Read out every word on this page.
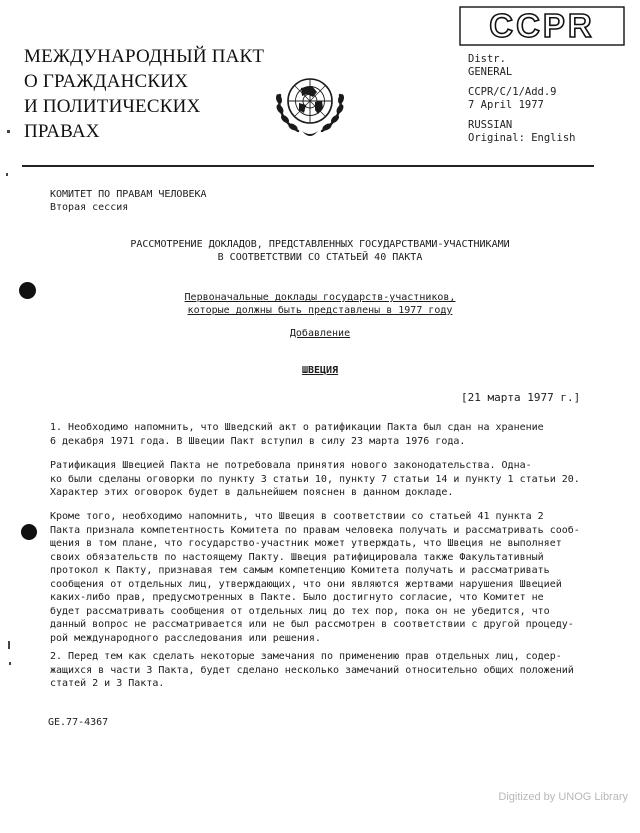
МЕЖДУНАРОДНЫЙ ПАКТ
О ГРАЖДАНСКИХ
И ПОЛИТИЧЕСКИХ
ПРАВАХ
CCPR
Distr.
GENERAL
CCPR/C/1/Add.9
7 April 1977
RUSSIAN
Original: English
КОМИТЕТ ПО ПРАВАМ ЧЕЛОВЕКА
Вторая сессия
РАССМОТРЕНИЕ ДОКЛАДОВ, ПРЕДСТАВЛЕННЫХ ГОСУДАРСТВАМИ-УЧАСТНИКАМИ
В СООТВЕТСТВИИ СО СТАТЬЕЙ 40 ПАКТА
Первоначальные доклады государств-участников,
которые должны быть представлены в 1977 году
Добавление
ШВЕЦИЯ
[21 марта 1977 г.]
1. Необходимо напомнить, что Шведский акт о ратификации Пакта был сдан на хранение
6 декабря 1971 года. В Швеции Пакт вступил в силу 23 марта 1976 года.
Ратификация Швецией Пакта не потребовала принятия нового законодательства. Одна-
ко были сделаны оговорки по пункту 3 статьи 10, пункту 7 статьи 14 и пункту 1 статьи 20.
Характер этих оговорок будет в дальнейшем пояснен в данном докладе.
Кроме того, необходимо напомнить, что Швеция в соответствии со статьей 41 пункта 2
Пакта признала компетентность Комитета по правам человека получать и рассматривать сооб-
щения в том плане, что государство-участник может утверждать, что Швеция не выполняет
своих обязательств по настоящему Пакту. Швеция ратифицировала также Факультативный
протокол к Пакту, признавая тем самым компетенцию Комитета получать и рассматривать
сообщения от отдельных лиц, утверждающих, что они являются жертвами нарушения Швецией
каких-либо прав, предусмотренных в Пакте. Было достигнуто согласие, что Комитет не
будет рассматривать сообщения от отдельных лиц до тех пор, пока он не убедится, что
данный вопрос не рассматривается или не был рассмотрен в соответствии с другой процеду-
рой международного расследования или решения.
2. Перед тем как сделать некоторые замечания по применению прав отдельных лиц, содер-
жащихся в части 3 Пакта, будет сделано несколько замечаний относительно общих положений
статей 2 и 3 Пакта.
GE.77-4367
Digitized by UNOG Library
